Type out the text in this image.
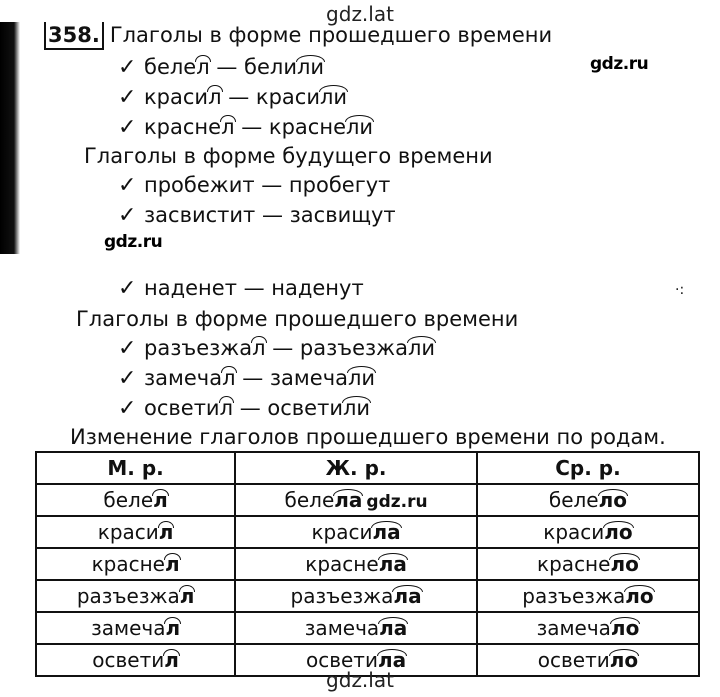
gdz.lat
358. Глаголы в форме прошедшего времени
gdz.ru
✓ белел — белили
✓ красил — красили
✓ краснел — краснели
Глаголы в форме будущего времени
✓ пробежит — пробегут
✓ засвистит — засвищут
gdz.ru
✓ наденет — наденут	·:
Глаголы в форме прошедшего времени
✓ разъезжал — разъезжали
✓ замечал — замечали
✓ осветил — осветили
Изменение глаголов прошедшего времени по родам.
М. р.	Ж. р.	Ср. р.
белел	белела gdz.ru	белело
красил	красила	красило
краснел	краснела	краснело
разъезжал	разъезжала	разъезжало
замечал	замечала	замечало
осветил	осветила	осветило
gdz.lat
